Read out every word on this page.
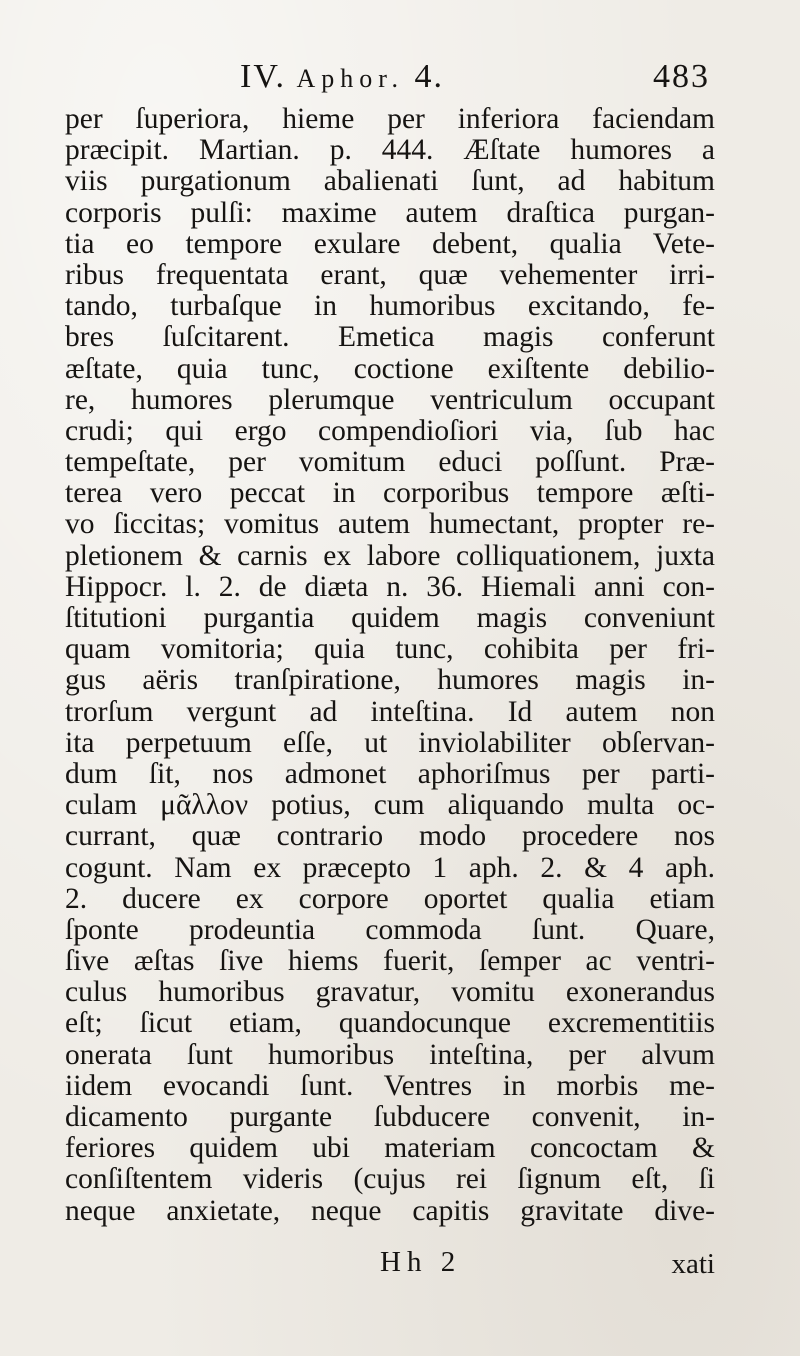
IV. Aphor. 4.	483
per ſuperiora, hieme per inferiora faciendam
præcipit. Martian. p. 444. Æſtate humores a
viis purgationum abalienati ſunt, ad habitum
corporis pulſi: maxime autem draſtica purgan-
tia eo tempore exulare debent, qualia Vete-
ribus frequentata erant, quæ vehementer irri-
tando, turbaſque in humoribus excitando, fe-
bres ſuſcitarent. Emetica magis conferunt
æſtate, quia tunc, coctione exiſtente debilio-
re, humores plerumque ventriculum occupant
crudi; qui ergo compendioſiori via, ſub hac
tempeſtate, per vomitum educi poſſunt. Præ-
terea vero peccat in corporibus tempore æſti-
vo ſiccitas; vomitus autem humectant, propter re-
pletionem & carnis ex labore colliquationem, juxta
Hippocr. l. 2. de diæta n. 36. Hiemali anni con-
ſtitutioni purgantia quidem magis conveniunt
quam vomitoria; quia tunc, cohibita per fri-
gus aëris tranſpiratione, humores magis in-
trorſum vergunt ad inteſtina. Id autem non
ita perpetuum eſſe, ut inviolabiliter obſervan-
dum ſit, nos admonet aphoriſmus per parti-
culam μᾶλλον potius, cum aliquando multa oc-
currant, quæ contrario modo procedere nos
cogunt. Nam ex præcepto 1 aph. 2. & 4 aph.
2. ducere ex corpore oportet qualia etiam
ſponte prodeuntia commoda ſunt. Quare,
ſive æſtas ſive hiems fuerit, ſemper ac ventri-
culus humoribus gravatur, vomitu exonerandus
eſt; ſicut etiam, quandocunque excrementitiis
onerata ſunt humoribus inteſtina, per alvum
iidem evocandi ſunt. Ventres in morbis me-
dicamento purgante ſubducere convenit, in-
feriores quidem ubi materiam concoctam &
conſiſtentem videris (cujus rei ſignum eſt, ſi
neque anxietate, neque capitis gravitate dive-
Hh 2	xati
